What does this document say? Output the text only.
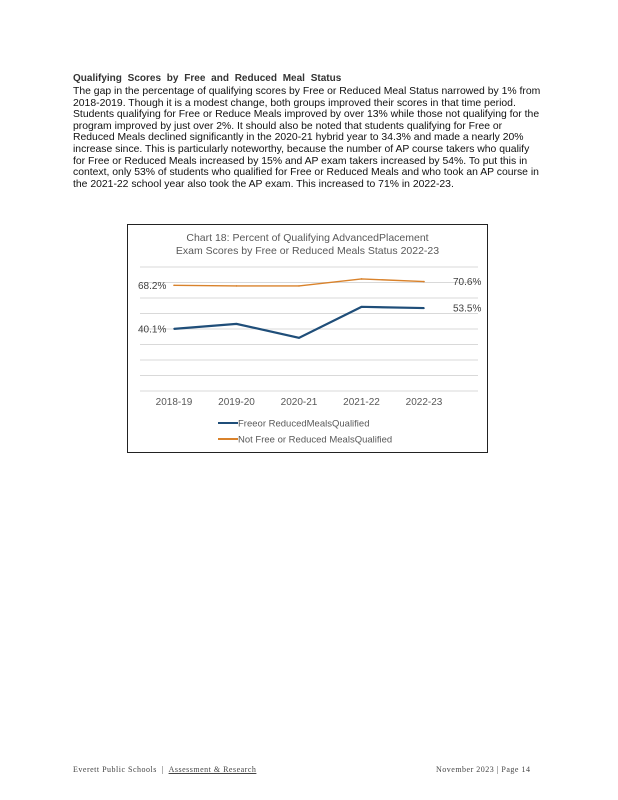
Qualifying Scores by Free and Reduced Meal Status

The gap in the percentage of qualifying scores by Free or Reduced Meal Status narrowed by 1% from 2018-2019. Though it is a modest change, both groups improved their scores in that time period. Students qualifying for Free or Reduce Meals improved by over 13% while those not qualifying for the program improved by just over 2%. It should also be noted that students qualifying for Free or Reduced Meals declined significantly in the 2020-21 hybrid year to 34.3% and made a nearly 20% increase since. This is particularly noteworthy, because the number of AP course takers who qualify for Free or Reduced Meals increased by 15% and AP exam takers increased by 54%. To put this in context, only 53% of students who qualified for Free or Reduced Meals and who took an AP course in the 2021-22 school year also took the AP exam. This increased to 71% in 2022-23.

Chart 18: Percent of Qualifying AdvancedPlacement
Exam Scores by Free or Reduced Meals Status 2022-23
2018-19	2019-20	2020-21	2021-22	2022-23
40.1%
53.5%
68.2%	70.6%
Freeor ReducedMealsQualified
Not Free or Reduced MealsQualified
Everett Public Schools  |  Assessment & Research	November 2023 | Page 14
